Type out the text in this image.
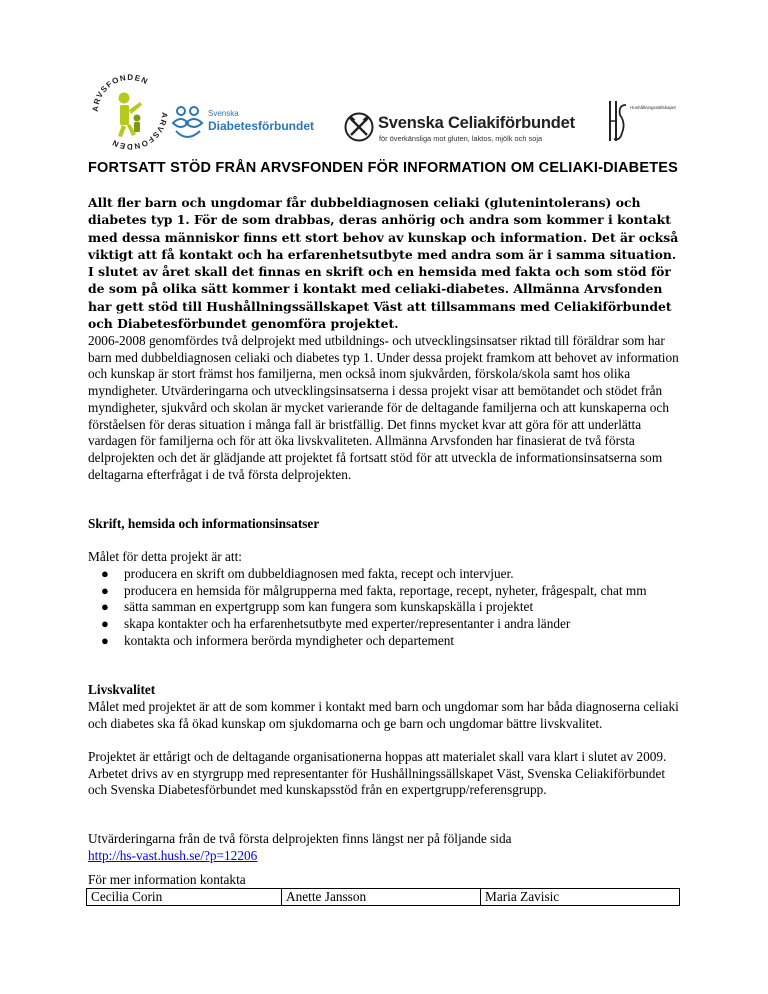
ARVSFONDEN
ARVSFONDEN
Svenska
Diabetesförbundet	Svenska Celiakiförbundet
för överkänsliga mot gluten, laktos, mjölk och soja
Hushållningssällskapet
FORTSATT STÖD FRÅN ARVSFONDEN FÖR INFORMATION OM CELIAKI-DIABETES

Allt fler barn och ungdomar får dubbeldiagnosen celiaki (glutenintolerans) och diabetes typ 1. För de som drabbas, deras anhörig och andra som kommer i kontakt med dessa människor finns ett stort behov av kunskap och information. Det är också viktigt att få kontakt och ha erfarenhetsutbyte med andra som är i samma situation. I slutet av året skall det finnas en skrift och en hemsida med fakta och som stöd för de som på olika sätt kommer i kontakt med celiaki-diabetes. Allmänna Arvsfonden har gett stöd till Hushållningssällskapet Väst att tillsammans med Celiakiförbundet och Diabetesförbundet genomföra projektet.

2006-2008 genomfördes två delprojekt med utbildnings- och utvecklingsinsatser riktad till föräldrar som har barn med dubbeldiagnosen celiaki och diabetes typ 1. Under dessa projekt framkom att behovet av information och kunskap är stort främst hos familjerna, men också inom sjukvården, förskola/skola samt hos olika myndigheter. Utvärderingarna och utvecklingsinsatserna i dessa projekt visar att bemötandet och stödet från myndigheter, sjukvård och skolan är mycket varierande för de deltagande familjerna och att kunskaperna och förståelsen för deras situation i många fall är bristfällig. Det finns mycket kvar att göra för att underlätta vardagen för familjerna och för att öka livskvaliteten. Allmänna Arvsfonden har finasierat de två första delprojekten och det är glädjande att projektet få fortsatt stöd för att utveckla de informationsinsatserna som deltagarna efterfrågat i de två första delprojekten.

Skrift, hemsida och informationsinsatser

Målet för detta projekt är att:

● producera en skrift om dubbeldiagnosen med fakta, recept och intervjuer.
● producera en hemsida för målgrupperna med fakta, reportage, recept, nyheter, frågespalt, chat mm
● sätta samman en expertgrupp som kan fungera som kunskapskälla i projektet
● skapa kontakter och ha erfarenhetsutbyte med experter/representanter i andra länder
● kontakta och informera berörda myndigheter och departement
Livskvalitet

Målet med projektet är att de som kommer i kontakt med barn och ungdomar som har båda diagnoserna celiaki och diabetes ska få ökad kunskap om sjukdomarna och ge barn och ungdomar bättre livskvalitet.

Projektet är ettårigt och de deltagande organisationerna hoppas att materialet skall vara klart i slutet av 2009. Arbetet drivs av en styrgrupp med representanter för Hushållningssällskapet Väst, Svenska Celiakiförbundet och Svenska Diabetesförbundet med kunskapsstöd från en expertgrupp/referensgrupp.

Utvärderingarna från de två första delprojekten finns längst ner på följande sida
http://hs-vast.hush.se/?p=12206

För mer information kontakta

Cecilia Corin	Anette Jansson	Maria Zavisic
